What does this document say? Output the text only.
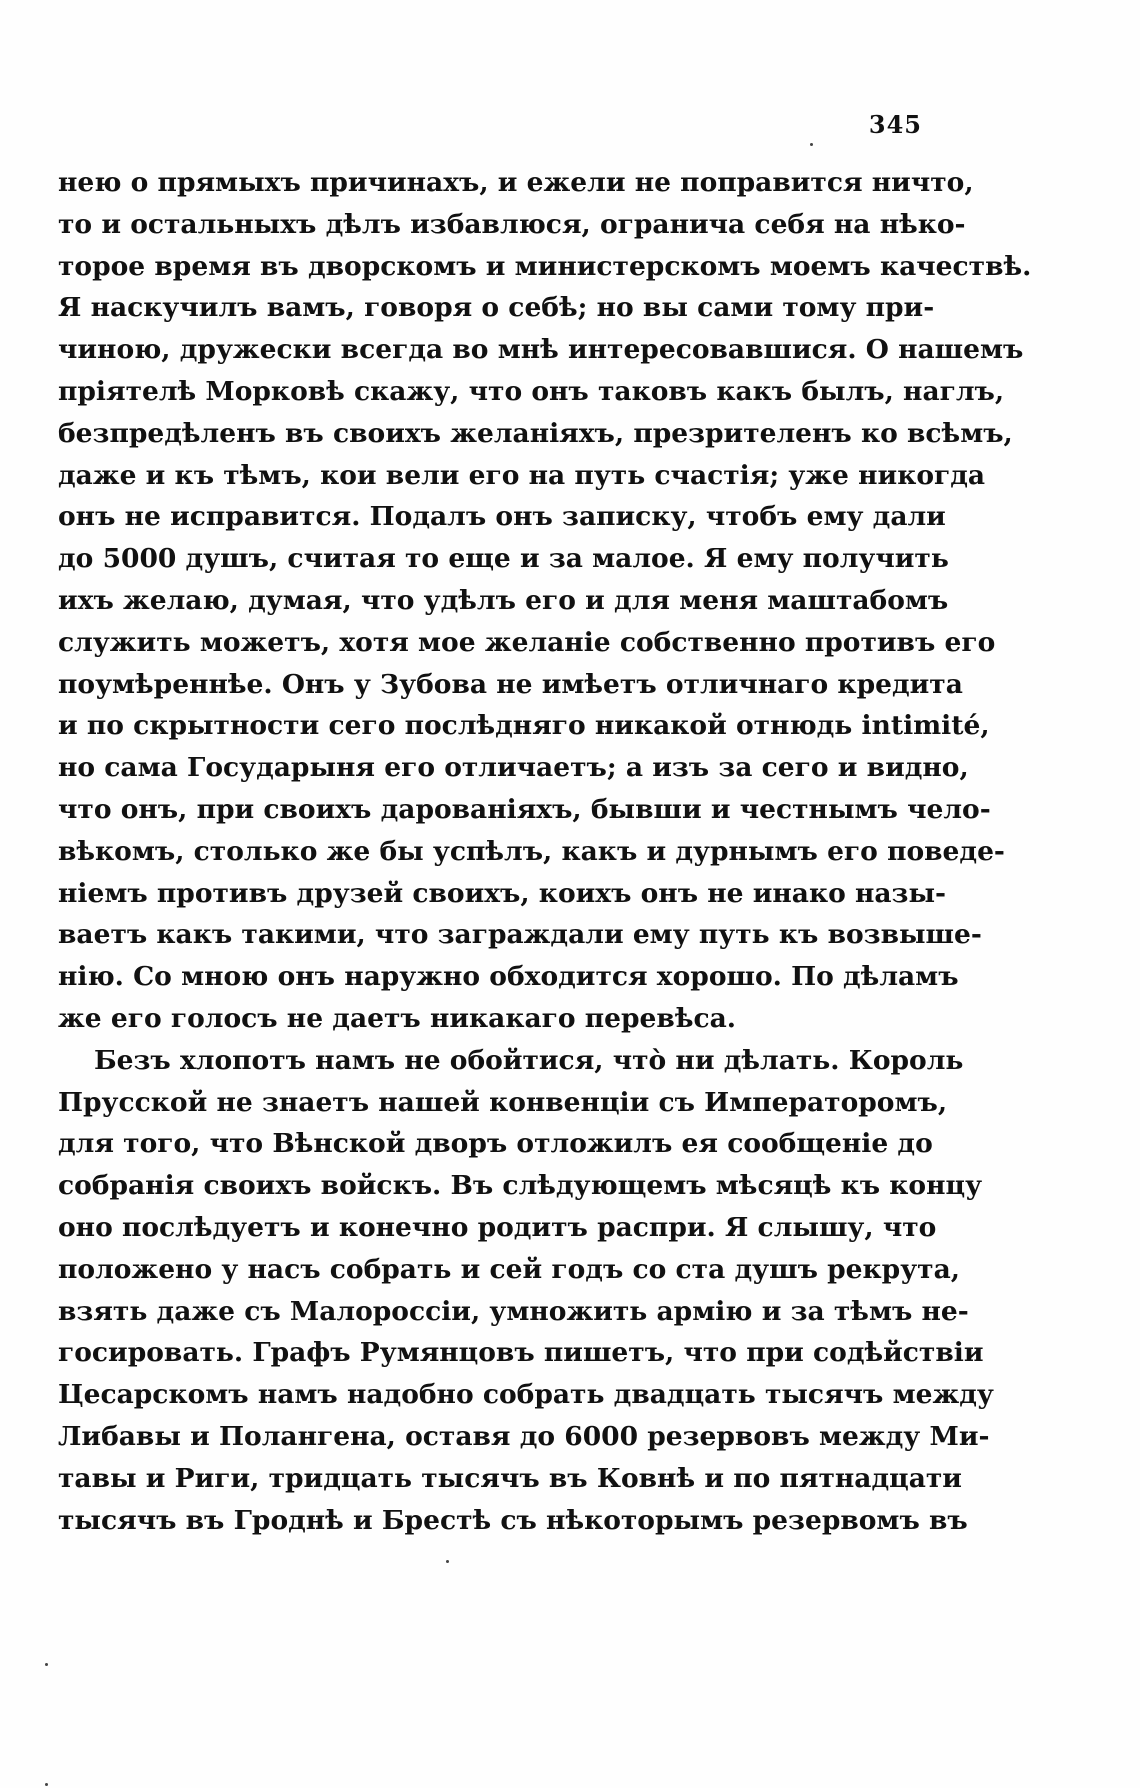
345
нею о прямыхъ причинахъ, и ежели не поправится ничто,
то и остальныхъ дѣлъ избавлюся, ограничa себя на нѣко-
торое время въ дворскомъ и министерскомъ моемъ качествѣ.
Я наскучилъ вамъ, говоря о себѣ; но вы сами тому при-
чиною, дружески всегда во мнѣ интересовавшися. О нашемъ
пріятелѣ Морковѣ скажу, что онъ таковъ какъ былъ, наглъ,
безпредѣленъ въ своихъ желаніяхъ, презрителенъ ко всѣмъ,
даже и къ тѣмъ, кои вели его на путь счастія; уже никогда
онъ не исправится. Подалъ онъ записку, чтобъ ему дали
до 5000 душъ, считая то еще и за малое. Я ему получить
ихъ желаю, думая, что удѣлъ его и для меня маштабомъ
служить можетъ, хотя мое желаніе собственно противъ его
поумѣреннѣе. Онъ у Зубова не имѣетъ отличнаго кредита
и по скрытности сего послѣдняго никакой отнюдь intimité,
но сама Государыня его отличаетъ; а изъ за сего и видно,
что онъ, при своихъ дарованіяхъ, бывши и честнымъ чело-
вѣкомъ, столько же бы успѣлъ, какъ и дурнымъ его поведе-
ніемъ противъ друзей своихъ, коихъ онъ не инако назы-
ваетъ какъ такими, что заграждали ему путь къ возвыше-
нію. Со мною онъ наружно обходится хорошо. По дѣламъ
же его голосъ не даетъ никакаго перевѣса.
Безъ хлопотъ намъ не обойтися, что̀ ни дѣлать. Король
Прусской не знаетъ нашей конвенціи съ Императоромъ,
для того, что Вѣнской дворъ отложилъ ея сообщеніе до
собранія своихъ войскъ. Въ слѣдующемъ мѣсяцѣ къ концу
оно послѣдуетъ и конечно родитъ распри. Я слышу, что
положено у насъ собрать и сей годъ со ста душъ рекрута,
взять даже съ Малороссіи, умножить армію и за тѣмъ не-
госировать. Графъ Румянцовъ пишетъ, что при содѣйствіи
Цесарскомъ намъ надобно собрать двадцать тысячъ между
Либавы и Полангена, оставя до 6000 резервовъ между Ми-
тавы и Риги, тридцать тысячъ въ Ковнѣ и по пятнадцати
тысячъ въ Гроднѣ и Брестѣ съ нѣкоторымъ резервомъ въ
